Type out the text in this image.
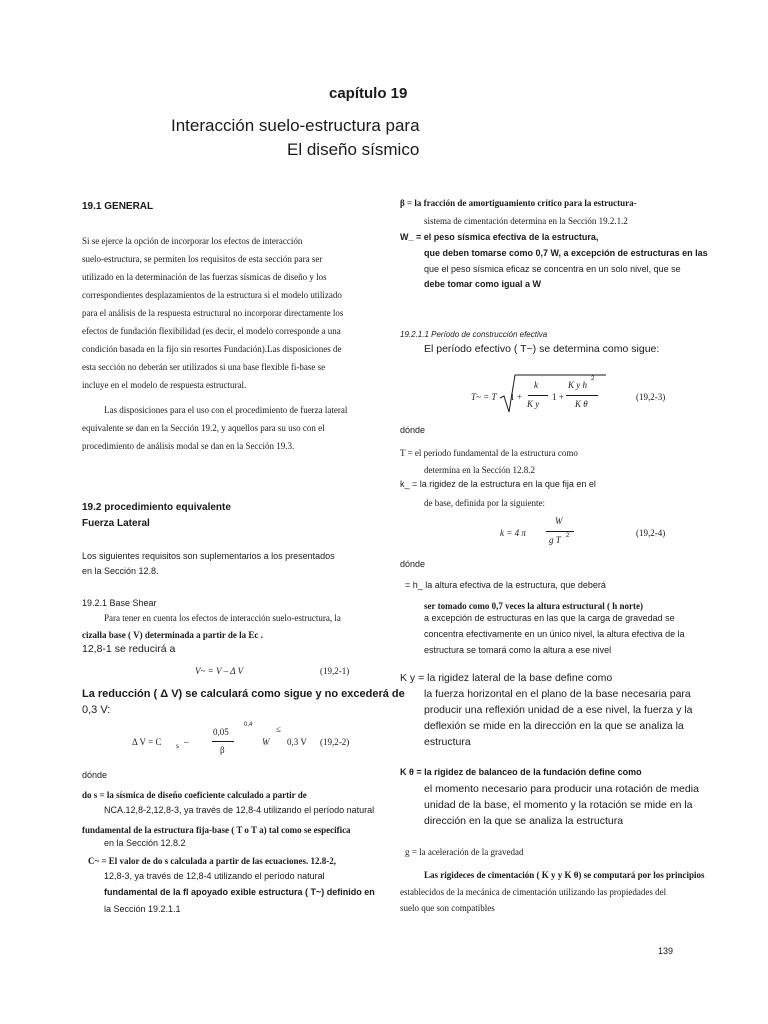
capítulo 19
Interacción suelo-estructura para
El diseño sísmico
19.1 GENERAL
Si se ejerce la opción de incorporar los efectos de interacción
suelo-estructura, se permiten los requisitos de esta sección para ser
utilizado en la determinación de las fuerzas sísmicas de diseño y los
correspondientes desplazamientos de la estructura si el modelo utilizado
para el análisis de la respuesta estructural no incorporar directamente los
efectos de fundación flexibilidad (es decir, el modelo corresponde a una
condición basada en la fijo sin resortes Fundación).Las disposiciones de
esta sección no deberán ser utilizados si una base flexible fi-base se
incluye en el modelo de respuesta estructural.
Las disposiciones para el uso con el procedimiento de fuerza lateral
equivalente se dan en la Sección 19.2, y aquellos para su uso con el
procedimiento de análisis modal se dan en la Sección 19.3.
19.2 procedimiento equivalente
Fuerza Lateral
Los siguientes requisitos son suplementarios a los presentados
en la Sección 12.8.
19.2.1 Base Shear
Para tener en cuenta los efectos de interacción suelo-estructura, la
cizalla base ( V) determinada a partir de la Ec .
12,8-1 se reducirá a
V~ = V – Δ V	(19,2-1)
La reducción ( Δ V) se calculará como sigue y no excederá de
0,3 V:
Δ V = C s –
0,05
β
0,4
W
≤
0,3 V (19,2-2)
dónde
do s = la sísmica de diseño coeficiente calculado a partir de
NCA.12,8-2,12,8-3, ya través de 12,8-4 utilizando el período natural
fundamental de la estructura fija-base ( T o T a) tal como se especifica
en la Sección 12.8.2
C~ = El valor de do s calculada a partir de las ecuaciones. 12.8-2,
12,8-3, ya través de 12,8-4 utilizando el período natural
fundamental de la fl apoyado exible estructura ( T~) definido en
la Sección 19.2.1.1
β = la fracción de amortiguamiento crítico para la estructura-
sistema de cimentación determina en la Sección 19.2.1.2
W_ = el peso sísmica efectiva de la estructura,
que deben tomarse como 0,7 W, a excepción de estructuras en las
que el peso sísmica eficaz se concentra en un solo nivel, que se
debe tomar como igual a W
19.2.1.1 Período de construcción efectiva
El período efectivo ( T~) se determina como sigue:
T~ = T 1 +
k
K y
1 +
K y h
2
K θ
(19,2-3)
dónde
T = el período fundamental de la estructura como
determina en la Sección 12.8.2
k_ = la rigidez de la estructura en la que fija en el
de base, definida por la siguiente:
k = 4 π
W
g T 2	(19,2-4)
dónde
= h_ la altura efectiva de la estructura, que deberá
ser tomado como 0,7 veces la altura estructural ( h norte)
a excepción de estructuras en las que la carga de gravedad se
concentra efectivamente en un único nivel, la altura efectiva de la
estructura se tomará como la altura a ese nivel
K y = la rigidez lateral de la base define como
la fuerza horizontal en el plano de la base necesaria para
producir una reflexión unidad de a ese nivel, la fuerza y la
deflexión se mide en la dirección en la que se analiza la
estructura
K θ = la rigidez de balanceo de la fundación define como
el momento necesario para producir una rotación de media
unidad de la base, el momento y la rotación se mide en la
dirección en la que se analiza la estructura
g = la aceleración de la gravedad
Las rigideces de cimentación ( K y y K θ) se computará por los principios
establecidos de la mecánica de cimentación utilizando las propiedades del
suelo que son compatibles
139
